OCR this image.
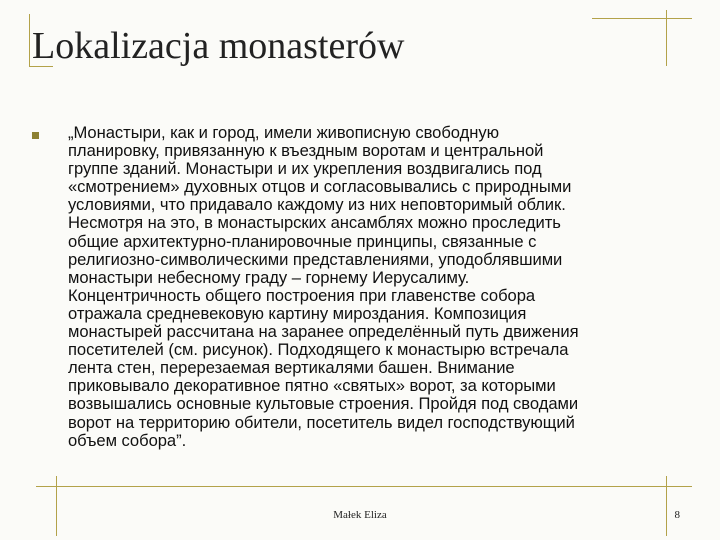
Lokalizacja monasterów
„Монастыри, как и город, имели живописную свободную
планировку, привязанную к въездным воротам и центральной
группе зданий. Монастыри и их укрепления воздвигались под
«смотрением» духовных отцов и согласовывались с природными
условиями, что придавало каждому из них неповторимый облик.
Несмотря на это, в монастырских ансамблях можно проследить
общие архитектурно-планировочные принципы, связанные с
религиозно-символическими представлениями, уподоблявшими
монастыри небесному граду – горнему Иерусалиму.
Концентричность общего построения при главенстве собора
отражала средневековую картину мироздания. Композиция
монастырей рассчитана на заранее определённый путь движения
посетителей (см. рисунок). Подходящего к монастырю встречала
лента стен, перерезаемая вертикалями башен. Внимание
приковывало декоративное пятно «святых» ворот, за которыми
возвышались основные культовые строения. Пройдя под сводами
ворот на территорию обители, посетитель видел господствующий
объем собора”.
Małek Eliza	8
